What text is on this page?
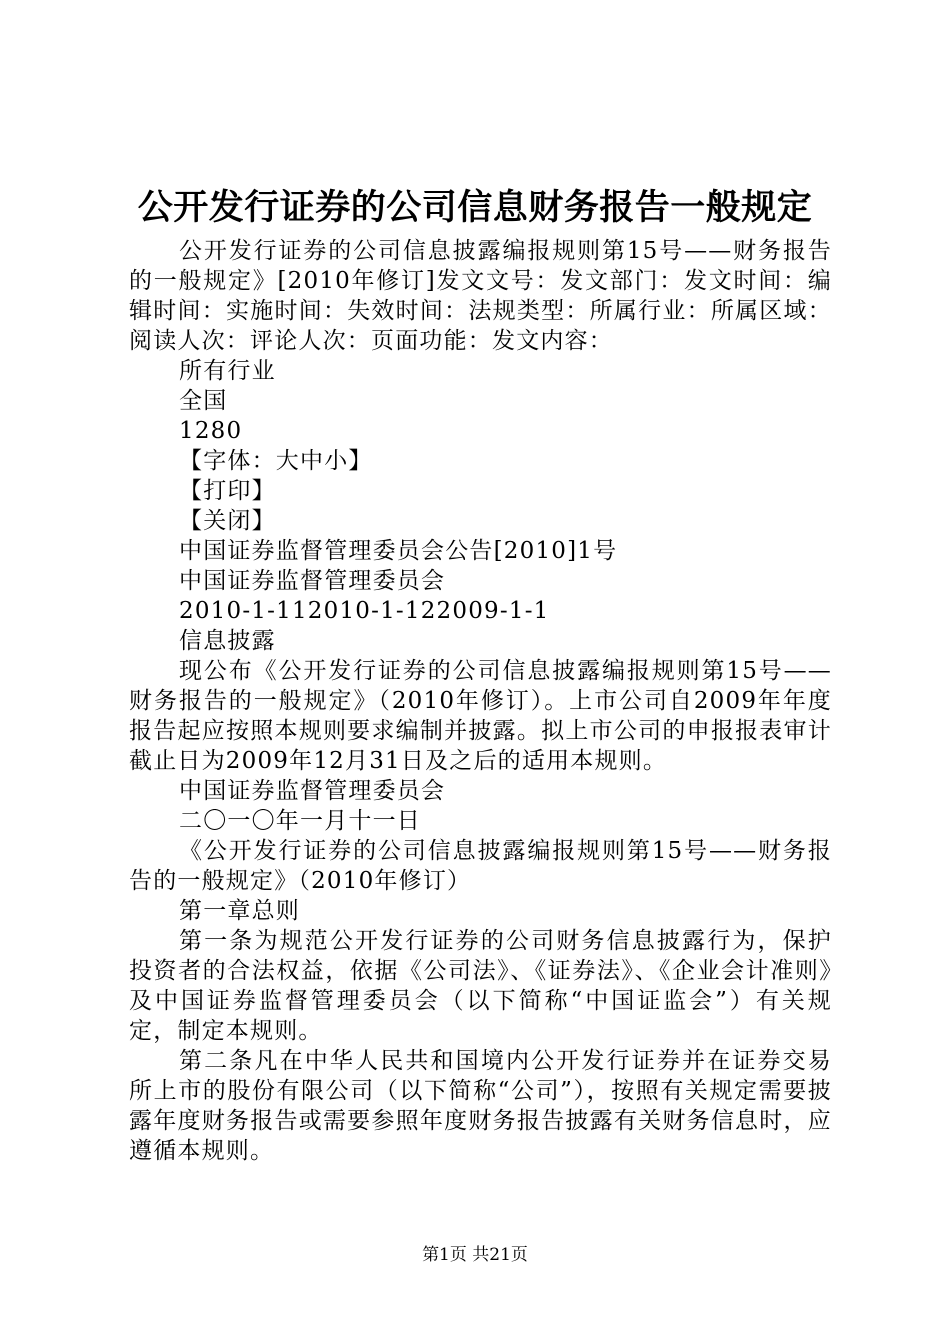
公开发行证券的公司信息财务报告一般规定

公开发行证券的公司信息披露编报规则第15号——财务报告的一般规定》[2010年修订]发文文号：发文部门：发文时间：编辑时间：实施时间：失效时间：法规类型：所属行业：所属区域：阅读人次：评论人次：页面功能：发文内容：

所有行业

全国

1280

【字体：大中小】

【打印】

【关闭】

中国证券监督管理委员会公告[2010]1号

中国证券监督管理委员会

2010-1-112010-1-122009-1-1

信息披露

现公布《公开发行证券的公司信息披露编报规则第15号——财务报告的一般规定》（2010年修订）。上市公司自2009年年度报告起应按照本规则要求编制并披露。拟上市公司的申报报表审计截止日为2009年12月31日及之后的适用本规则。

中国证券监督管理委员会

二〇一〇年一月十一日

《公开发行证券的公司信息披露编报规则第15号——财务报告的一般规定》（2010年修订）

第一章总则

第一条为规范公开发行证券的公司财务信息披露行为，保护投资者的合法权益，依据《公司法》、《证券法》、《企业会计准则》及中国证券监督管理委员会（以下简称“中国证监会”）有关规定，制定本规则。

第二条凡在中华人民共和国境内公开发行证券并在证券交易所上市的股份有限公司（以下简称“公司”），按照有关规定需要披露年度财务报告或需要参照年度财务报告披露有关财务信息时，应遵循本规则。

第1页 共21页
